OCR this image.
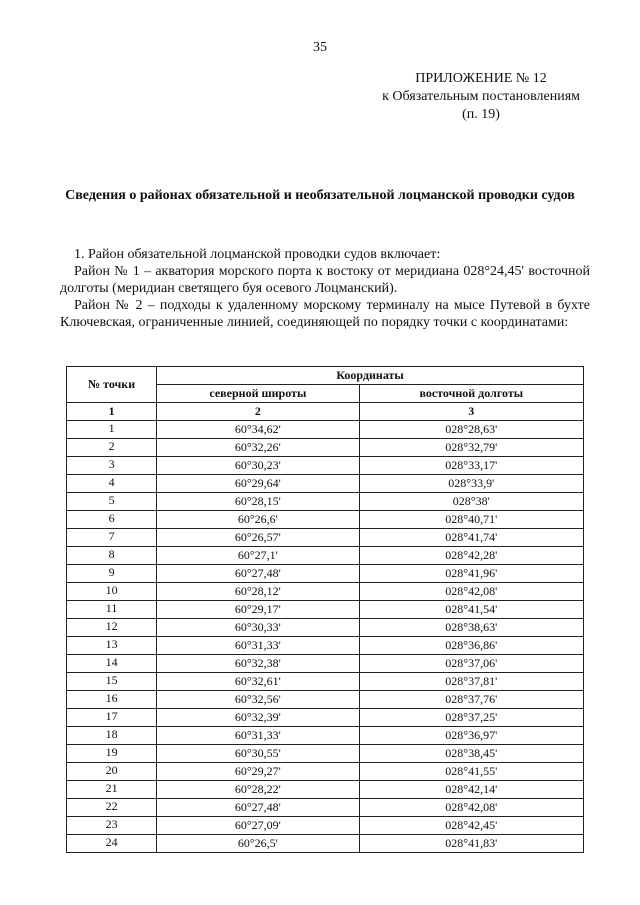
35
ПРИЛОЖЕНИЕ № 12
к Обязательным постановлениям
(п. 19)
Сведения о районах обязательной и необязательной лоцманской проводки судов

1. Район обязательной лоцманской проводки судов включает:

Район № 1 – акватория морского порта к востоку от меридиана 028°24,45' восточной долготы (меридиан светящего буя осевого Лоцманский).

Район № 2 – подходы к удаленному морскому терминалу на мысе Путевой в бухте Ключевская, ограниченные линией, соединяющей по порядку точки с координатами:

№ точки	Координаты	
	северной широты	восточной долготы
1	2	3
1	60°34,62'	028°28,63'
2	60°32,26'	028°32,79'
3	60°30,23'	028°33,17'
4	60°29,64'	028°33,9'
5	60°28,15'	028°38'
6	60°26,6'	028°40,71'
7	60°26,57'	028°41,74'
8	60°27,1'	028°42,28'
9	60°27,48'	028°41,96'
10	60°28,12'	028°42,08'
11	60°29,17'	028°41,54'
12	60°30,33'	028°38,63'
13	60°31,33'	028°36,86'
14	60°32,38'	028°37,06'
15	60°32,61'	028°37,81'
16	60°32,56'	028°37,76'
17	60°32,39'	028°37,25'
18	60°31,33'	028°36,97'
19	60°30,55'	028°38,45'
20	60°29,27'	028°41,55'
21	60°28,22'	028°42,14'
22	60°27,48'	028°42,08'
23	60°27,09'	028°42,45'
24	60°26,5'	028°41,83'
